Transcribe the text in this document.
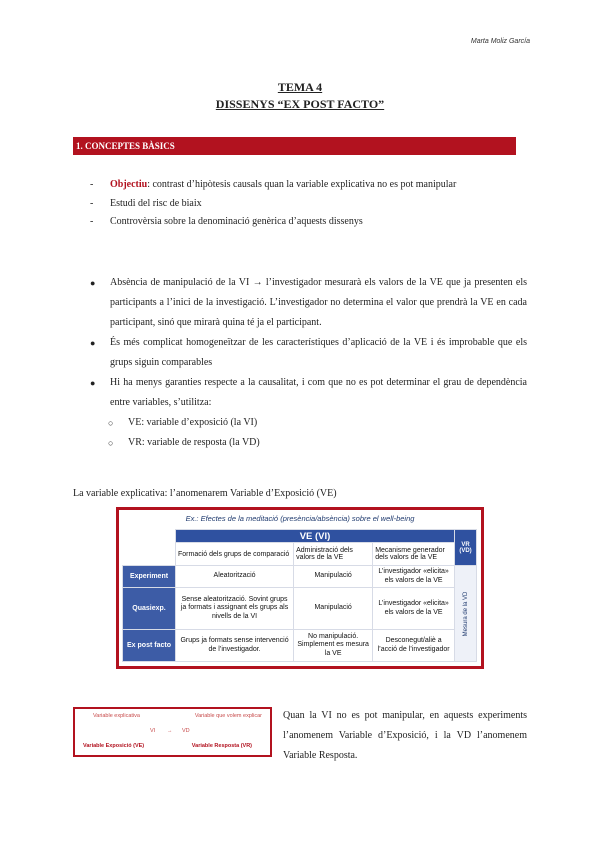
Marta Moliz García
TEMA 4
DISSENYS “EX POST FACTO”
1. CONCEPTES BÀSICS
- Objectiu: contrast d’hipòtesis causals quan la variable explicativa no es pot manipular
- Estudi del risc de biaix
- Controvèrsia sobre la denominació genèrica d’aquests dissenys
● Absència de manipulació de la VI → l’investigador mesurarà els valors de la VE que ja presenten els participants a l’inici de la investigació. L’investigador no determina el valor que prendrà la VE en cada participant, sinó que mirarà quina té ja el participant.
● És més complicat homogeneïtzar de les característiques d’aplicació de la VE i és improbable que els grups siguin comparables
● Hi ha menys garanties respecte a la causalitat, i com que no es pot determinar el grau de dependència entre variables, s’utilitza:
○ VE: variable d’exposició (la VI)
○ VR: variable de resposta (la VD)
La variable explicativa: l’anomenarem Variable d’Exposició (VE)
Ex.: Efectes de la meditació (presència/absència) sobre el well-being
	VE (VI)			VR (VD)
	Formació dels grups de comparació	Administració dels valors de la VE	Mecanisme generador dels valors de la VE	
Experiment	Aleatorització	Manipulació	L’investigador «elicita» els valors de la VE	Mesura de la VD

Quasiexp.	Sense aleatorització. Sovint grups ja formats i assignant els grups als nivells de la VI	Manipulació	L’investigador «elicita» els valors de la VE	
Ex post facto	Grups ja formats sense intervenció de l’investigador.	No manipulació. Simplement es mesura la VE	Desconegut/aliè a l’acció de l’investigador	
Variable explicativa	Variable que volem explicar
VI → VD
Variable Exposició (VE)	Variable Resposta (VR)
Quan la VI no es pot manipular, en aquests experiments l’anomenem Variable d’Exposició, i la VD l’anomenem Variable Resposta.
